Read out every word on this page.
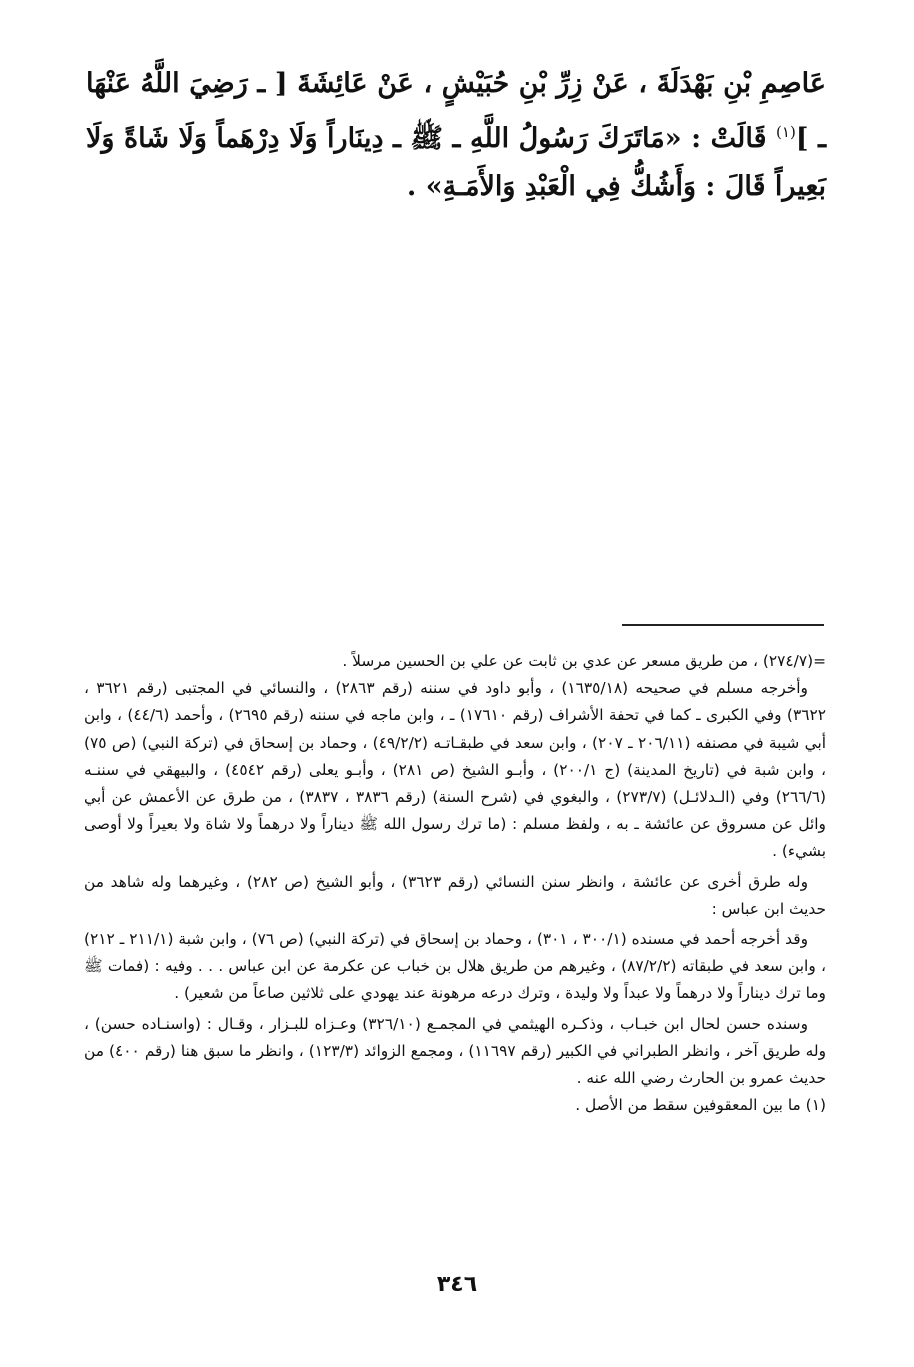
عَاصِمِ بْنِ بَهْدَلَةَ ، عَنْ زِرِّ بْنِ حُبَيْشٍ ، عَنْ عَائِشَةَ [ ـ رَضِيَ اللَّهُ عَنْهَا ـ ]$^{(١)}$ قَالَتْ : «مَاتَرَكَ رَسُولُ اللَّهِ ـ ﷺ ـ دِينَاراً وَلَا دِرْهَماً وَلَا شَاةً وَلَا بَعِيراً قَالَ : وَأَشُكُّ فِي الْعَبْدِ وَالأَمَـةِ» .

=(٢٧٤/٧) ، من طريق مسعر عن عدي بن ثابت عن علي بن الحسين مرسلاً .

وأخرجه مسلم في صحيحه (١٦٣٥/١٨) ، وأبو داود في سننه (رقم ٢٨٦٣) ، والنسائي في المجتبى (رقم ٣٦٢١ ، ٣٦٢٢) وفي الكبرى ـ كما في تحفة الأشراف (رقم ١٧٦١٠) ـ ، وابن ماجه في سننه (رقم ٢٦٩٥) ، وأحمد (٤٤/٦) ، وابن أبي شيبة في مصنفه (٢٠٦/١١ ـ ٢٠٧) ، وابن سعد في طبقـاتـه (٤٩/٢/٢) ، وحماد بن إسحاق في (تركة النبي) (ص ٧٥) ، وابن شبة في (تاريخ المدينة) (ج ٢٠٠/١) ، وأبـو الشيخ (ص ٢٨١) ، وأبـو يعلى (رقم ٤٥٤٢) ، والبيهقي في سننـه (٢٦٦/٦) وفي (الـدلائـل) (٢٧٣/٧) ، والبغوي في (شرح السنة) (رقم ٣٨٣٦ ، ٣٨٣٧) ، من طرق عن الأعمش عن أبي وائل عن مسروق عن عائشة ـ به ، ولفظ مسلم : (ما ترك رسول الله ﷺ ديناراً ولا درهماً ولا شاة ولا بعيراً ولا أوصى بشيء) .

وله طرق أخرى عن عائشة ، وانظر سنن النسائي (رقم ٣٦٢٣) ، وأبو الشيخ (ص ٢٨٢) ، وغيرهما وله شاهد من حديث ابن عباس :

وقد أخرجه أحمد في مسنده (٣٠٠/١ ، ٣٠١) ، وحماد بن إسحاق في (تركة النبي) (ص ٧٦) ، وابن شبة (٢١١/١ ـ ٢١٢) ، وابن سعد في طبقاته (٨٧/٢/٢) ، وغيرهم من طريق هلال بن خباب عن عكرمة عن ابن عباس . . . وفيه : (فمات ﷺ وما ترك ديناراً ولا درهماً ولا عبداً ولا وليدة ، وترك درعه مرهونة عند يهودي على ثلاثين صاعاً من شعير) .

وسنده حسن لحال ابن خبـاب ، وذكـره الهيثمي في المجمـع (٣٢٦/١٠) وعـزاه للبـزار ، وقـال : (واسنـاده حسن) ، وله طريق آخر ، وانظر الطبراني في الكبير (رقم ١١٦٩٧) ، ومجمع الزوائد (١٢٣/٣) ، وانظر ما سبق هنا (رقم ٤٠٠) من حديث عمرو بن الحارث رضي الله عنه .

(١) ما بين المعقوفين سقط من الأصل .

٣٤٦
